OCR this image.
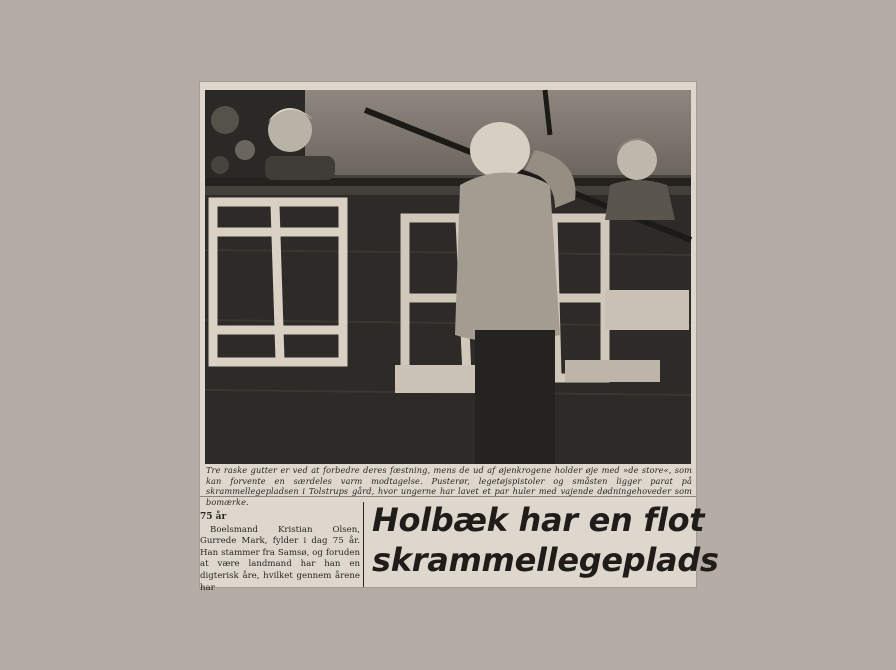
Tre raske gutter er ved at forbedre deres fæstning, mens de ud af øjenkrogene holder øje med »de store«, som kan forvente en særdeles varm modtagelse. Pusterør, legetøjspistoler og småsten ligger parat på skrammellegepladsen i Tolstrups gård, hvor ungerne har lavet et par huler med vajende dødningehoveder som bomærke.
75 år
Boelsmand Kristian Olsen, Gurrede Mark, fylder i dag 75 år. Han stammer fra Samsø, og foruden at være landmand har han en digterisk åre, hvilket gennem årene har
Holbæk har en flot
skrammellegeplads
